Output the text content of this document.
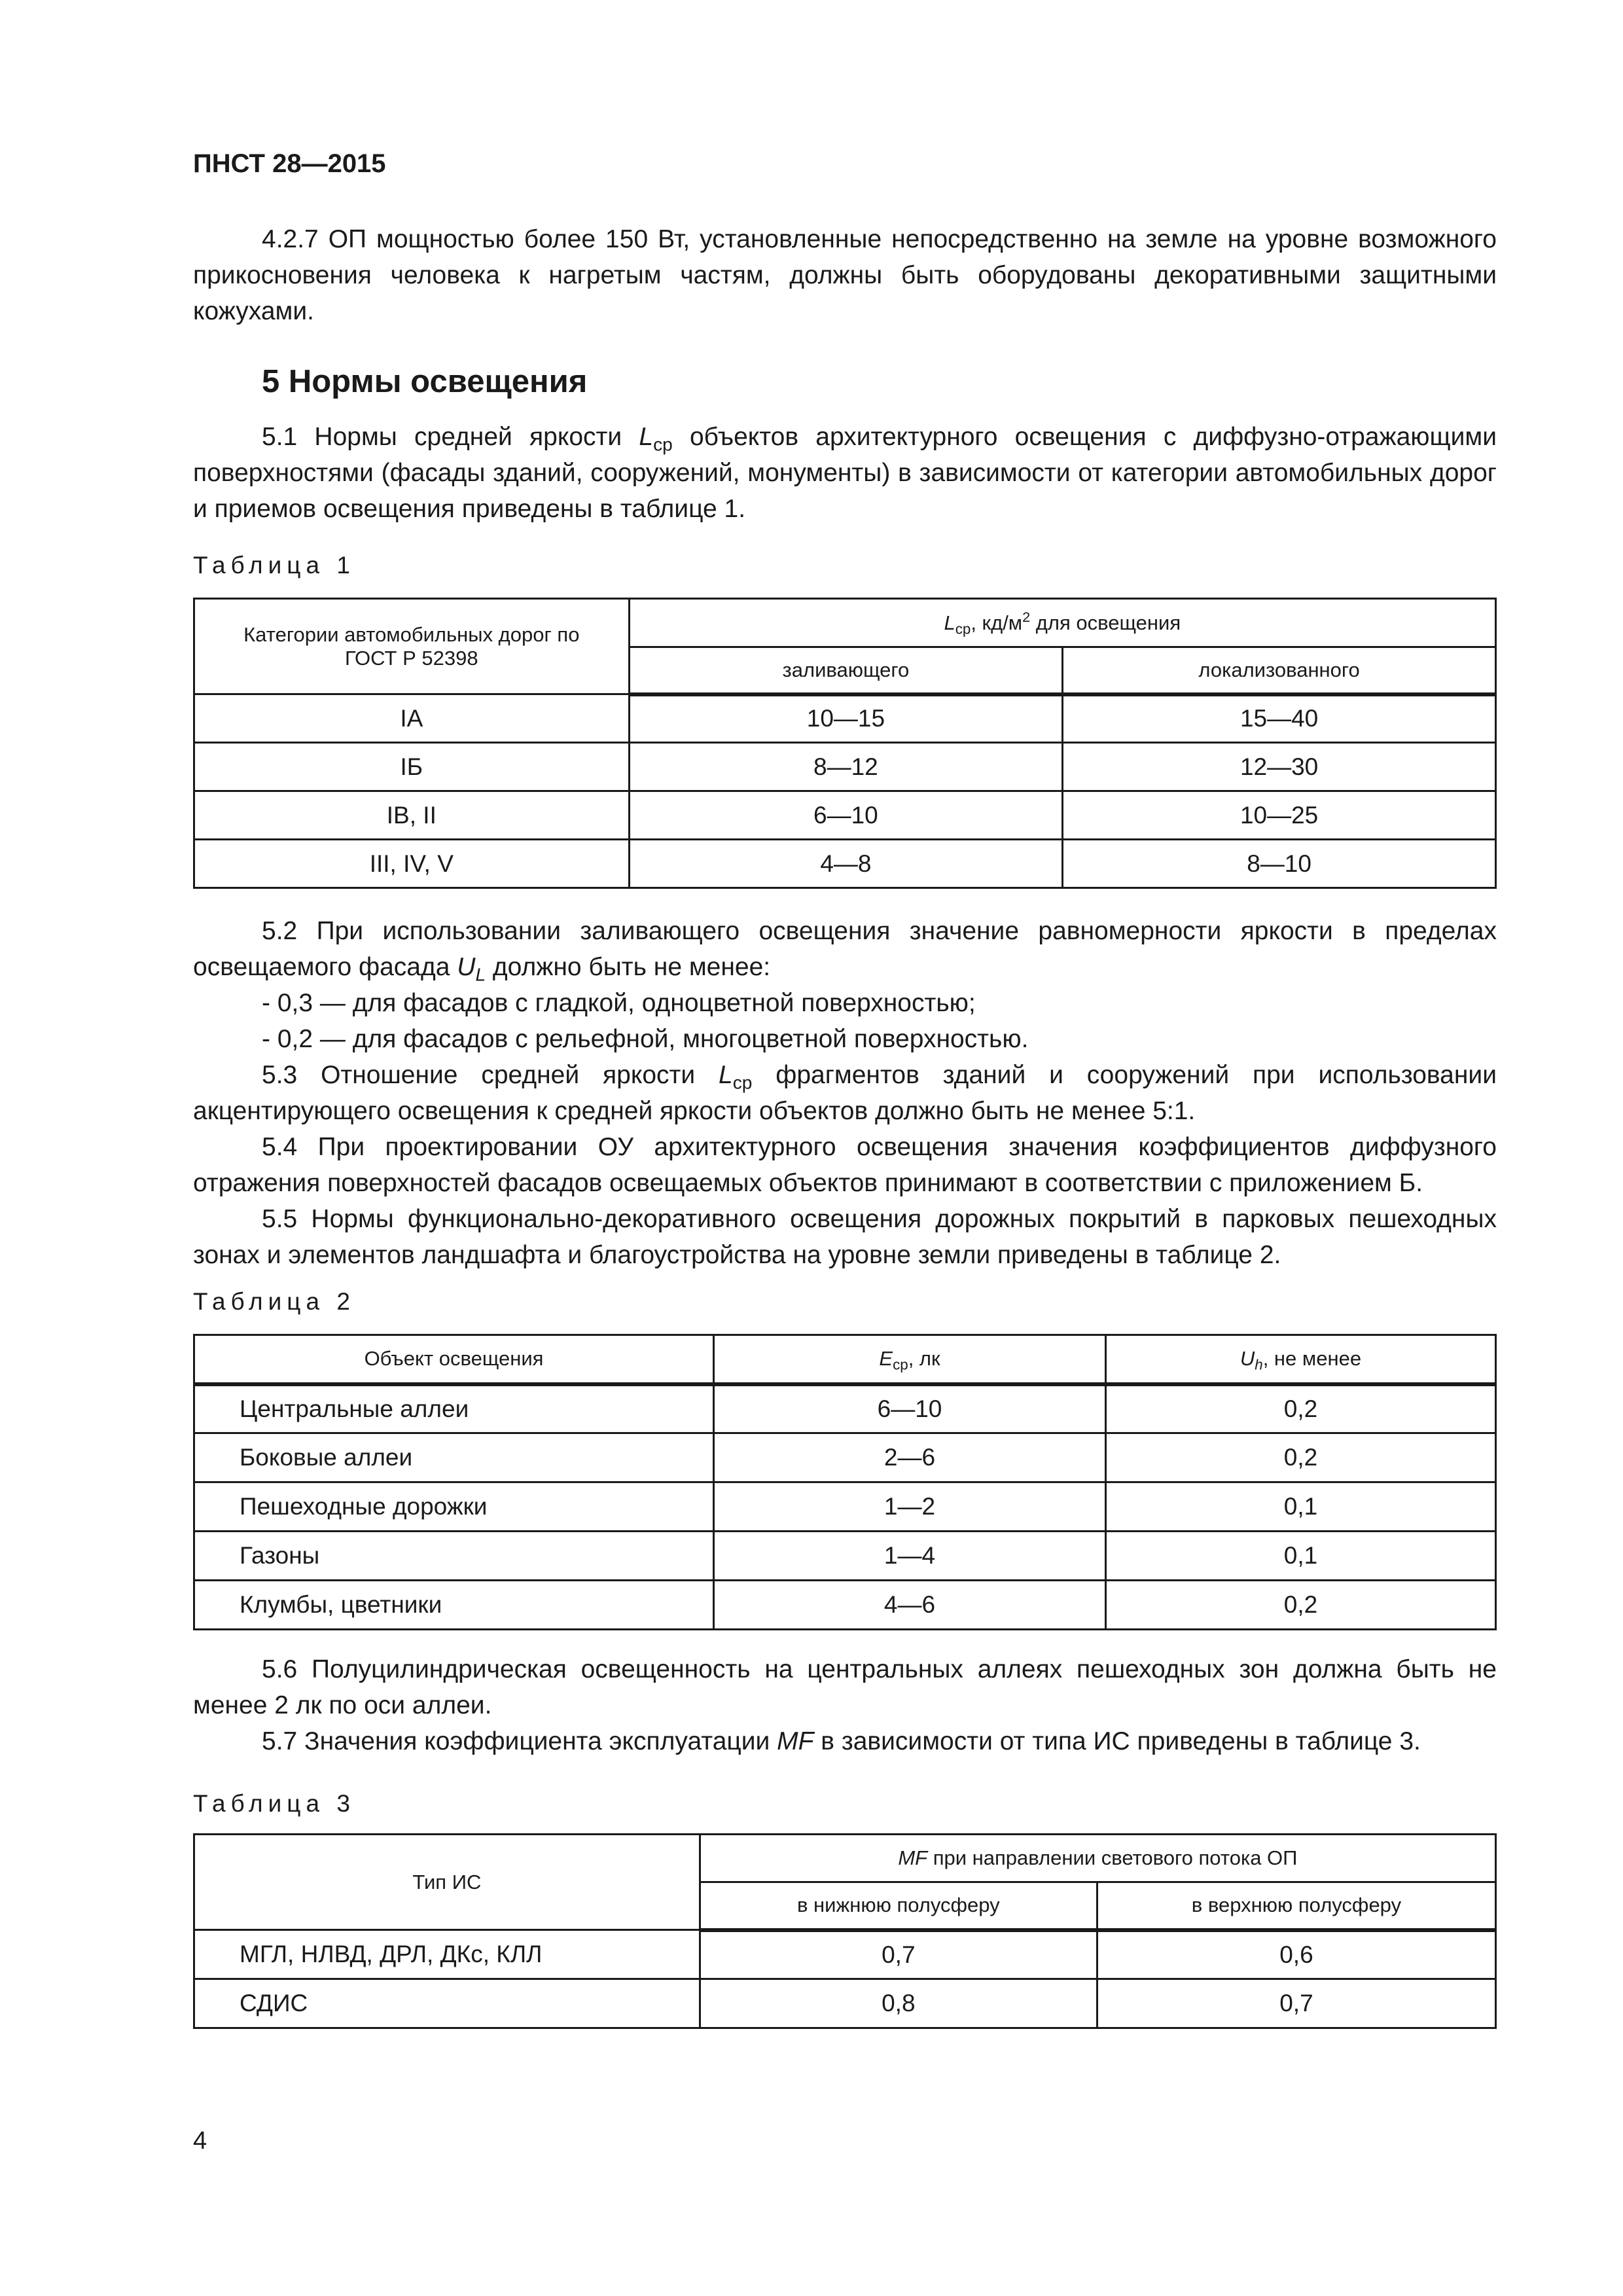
ПНСТ 28—2015

4.2.7 ОП мощностью более 150 Вт, установленные непосредственно на земле на уровне возможного прикосновения человека к нагретым частям, должны быть оборудованы декоративными защитными кожухами.

5 Нормы освещения

5.1 Нормы средней яркости $L_{ср}$ объектов архитектурного освещения с диффузно-отражающими поверхностями (фасады зданий, сооружений, монументы) в зависимости от категории автомобильных дорог и приемов освещения приведены в таблице 1.

Таблица 1
Категории автомобильных дорог по ГОСТ Р 52398	$L_{ср}$, $кд/м^2$ для освещения	
	заливающего	локализованного
IA	10—15	15—40
IБ	8—12	12—30
IB, II	6—10	10—25
III, IV, V	4—8	8—10

5.2 При использовании заливающего освещения значение равномерности яркости в пределах освещаемого фасада $U_L$ должно быть не менее:

- 0,3 — для фасадов с гладкой, одноцветной поверхностью;

- 0,2 — для фасадов с рельефной, многоцветной поверхностью.

5.3 Отношение средней яркости $L_{ср}$ фрагментов зданий и сооружений при использовании акцентирующего освещения к средней яркости объектов должно быть не менее 5:1.

5.4 При проектировании ОУ архитектурного освещения значения коэффициентов диффузного отражения поверхностей фасадов освещаемых объектов принимают в соответствии с приложением Б.

5.5 Нормы функционально-декоративного освещения дорожных покрытий в парковых пешеходных зонах и элементов ландшафта и благоустройства на уровне земли приведены в таблице 2.

Таблица 2
Объект освещения	$E_{ср}$, лк	$U_h$, не менее
Центральные аллеи	6—10	0,2
Боковые аллеи	2—6	0,2
Пешеходные дорожки	1—2	0,1
Газоны	1—4	0,1
Клумбы, цветники	4—6	0,2

5.6 Полуцилиндрическая освещенность на центральных аллеях пешеходных зон должна быть не менее 2 лк по оси аллеи.

5.7 Значения коэффициента эксплуатации MF в зависимости от типа ИС приведены в таблице 3.

Таблица 3
Тип ИС	MF при направлении светового потока ОП	
	в нижнюю полусферу	в верхнюю полусферу
МГЛ, НЛВД, ДРЛ, ДКс, КЛЛ	0,7	0,6
СДИС	0,8	0,7
4
